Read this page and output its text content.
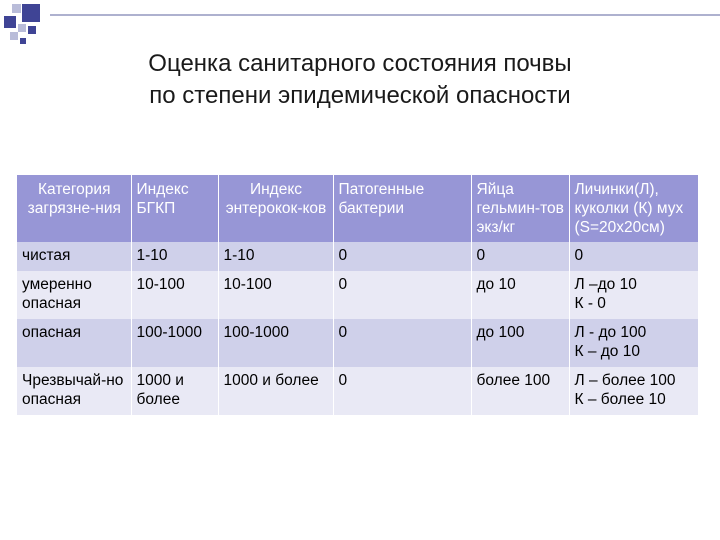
Оценка санитарного состояния почвы
по степени эпидемической опасности
Категория загрязне-ния	Индекс БГКП	Индекс энтерокок-ков	Патогенные бактерии	Яйца гельмин-тов экз/кг	Личинки(Л), куколки (К) мух (S=20x20см)
чистая	1-10	1-10	0	0	0
умеренно опасная	10-100	10-100	0	до 10	Л –до 10
К - 0
опасная	100-1000	100-1000	0	до 100	Л - до 100
К – до 10
Чрезвычай-но опасная	1000 и более	1000 и более	0	более 100	Л – более 100
К – более 10
